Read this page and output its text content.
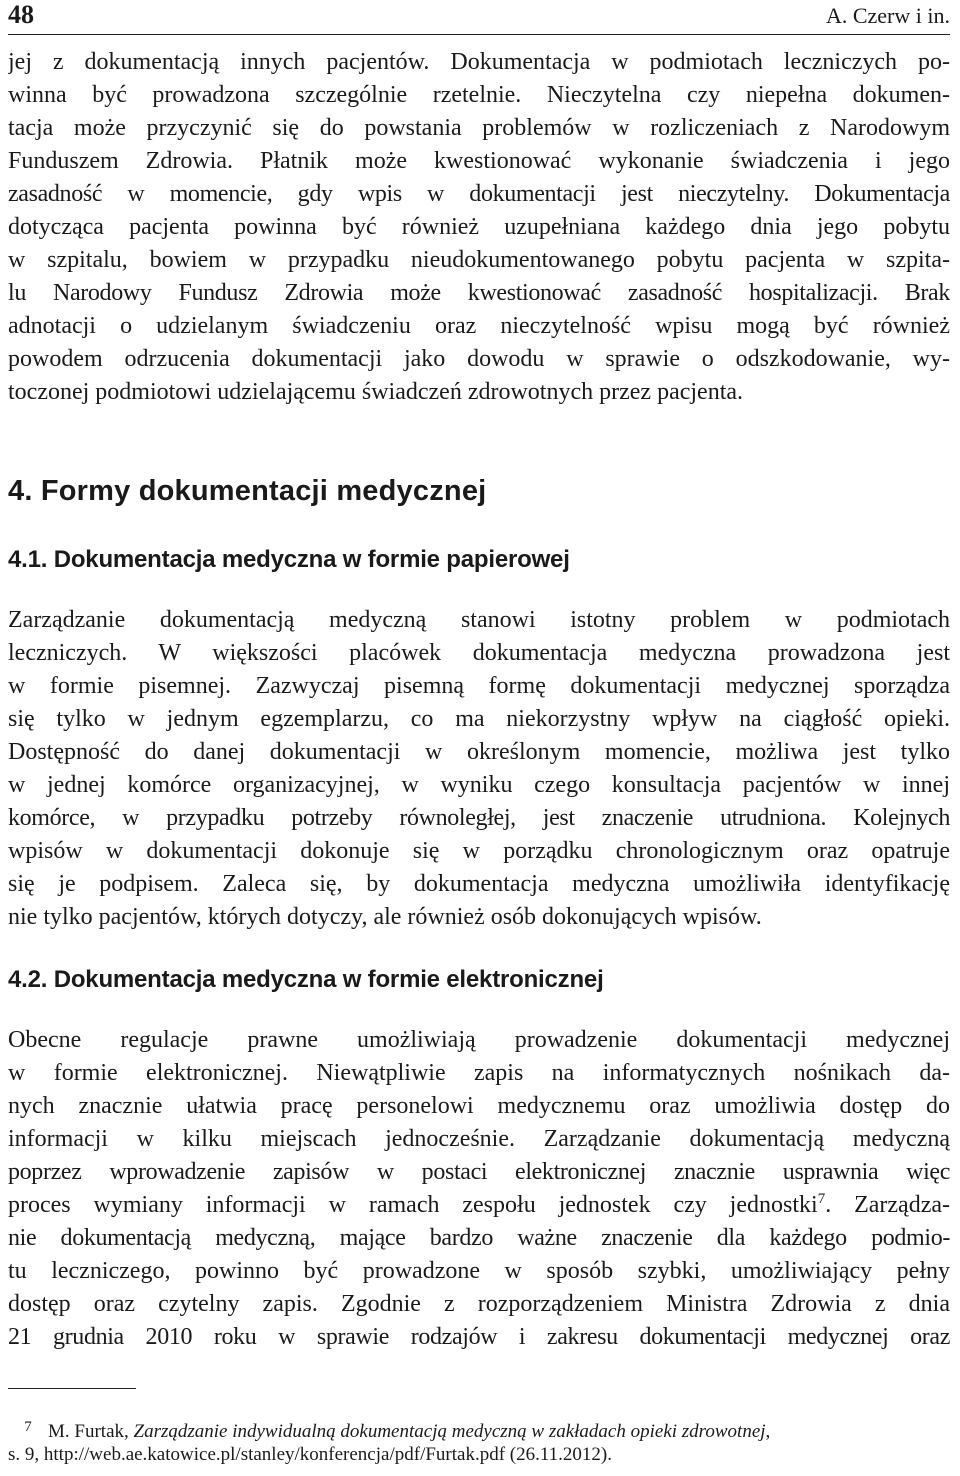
48	A. Czerw i in.
jej z dokumentacją innych pacjentów. Dokumentacja w podmiotach leczniczych po-
winna być prowadzona szczególnie rzetelnie. Nieczytelna czy niepełna dokumen-
tacja może przyczynić się do powstania problemów w rozliczeniach z Narodowym
Funduszem Zdrowia. Płatnik może kwestionować wykonanie świadczenia i jego
zasadność w momencie, gdy wpis w dokumentacji jest nieczytelny. Dokumentacja
dotycząca pacjenta powinna być również uzupełniana każdego dnia jego pobytu
w szpitalu, bowiem w przypadku nieudokumentowanego pobytu pacjenta w szpita-
lu Narodowy Fundusz Zdrowia może kwestionować zasadność hospitalizacji. Brak
adnotacji o udzielanym świadczeniu oraz nieczytelność wpisu mogą być również
powodem odrzucenia dokumentacji jako dowodu w sprawie o odszkodowanie, wy-
toczonej podmiotowi udzielającemu świadczeń zdrowotnych przez pacjenta.
4. Formy dokumentacji medycznej
4.1. Dokumentacja medyczna w formie papierowej
Zarządzanie dokumentacją medyczną stanowi istotny problem w podmiotach
leczniczych. W większości placówek dokumentacja medyczna prowadzona jest
w formie pisemnej. Zazwyczaj pisemną formę dokumentacji medycznej sporządza
się tylko w jednym egzemplarzu, co ma niekorzystny wpływ na ciągłość opieki.
Dostępność do danej dokumentacji w określonym momencie, możliwa jest tylko
w jednej komórce organizacyjnej, w wyniku czego konsultacja pacjentów w innej
komórce, w przypadku potrzeby równoległej, jest znaczenie utrudniona. Kolejnych
wpisów w dokumentacji dokonuje się w porządku chronologicznym oraz opatruje
się je podpisem. Zaleca się, by dokumentacja medyczna umożliwiła identyfikację
nie tylko pacjentów, których dotyczy, ale również osób dokonujących wpisów.
4.2. Dokumentacja medyczna w formie elektronicznej
Obecne regulacje prawne umożliwiają prowadzenie dokumentacji medycznej
w formie elektronicznej. Niewątpliwie zapis na informatycznych nośnikach da-
nych znacznie ułatwia pracę personelowi medycznemu oraz umożliwia dostęp do
informacji w kilku miejscach jednocześnie. Zarządzanie dokumentacją medyczną
poprzez wprowadzenie zapisów w postaci elektronicznej znacznie usprawnia więc
proces wymiany informacji w ramach zespołu jednostek czy jednostki$^7$. Zarządza-
nie dokumentacją medyczną, mające bardzo ważne znaczenie dla każdego podmio-
tu leczniczego, powinno być prowadzone w sposób szybki, umożliwiający pełny
dostęp oraz czytelny zapis. Zgodnie z rozporządzeniem Ministra Zdrowia z dnia
21 grudnia 2010 roku w sprawie rodzajów i zakresu dokumentacji medycznej oraz
7 M. Furtak, Zarządzanie indywidualną dokumentacją medyczną w zakładach opieki zdrowotnej,
s. 9, http://web.ae.katowice.pl/stanley/konferencja/pdf/Furtak.pdf (26.11.2012).
